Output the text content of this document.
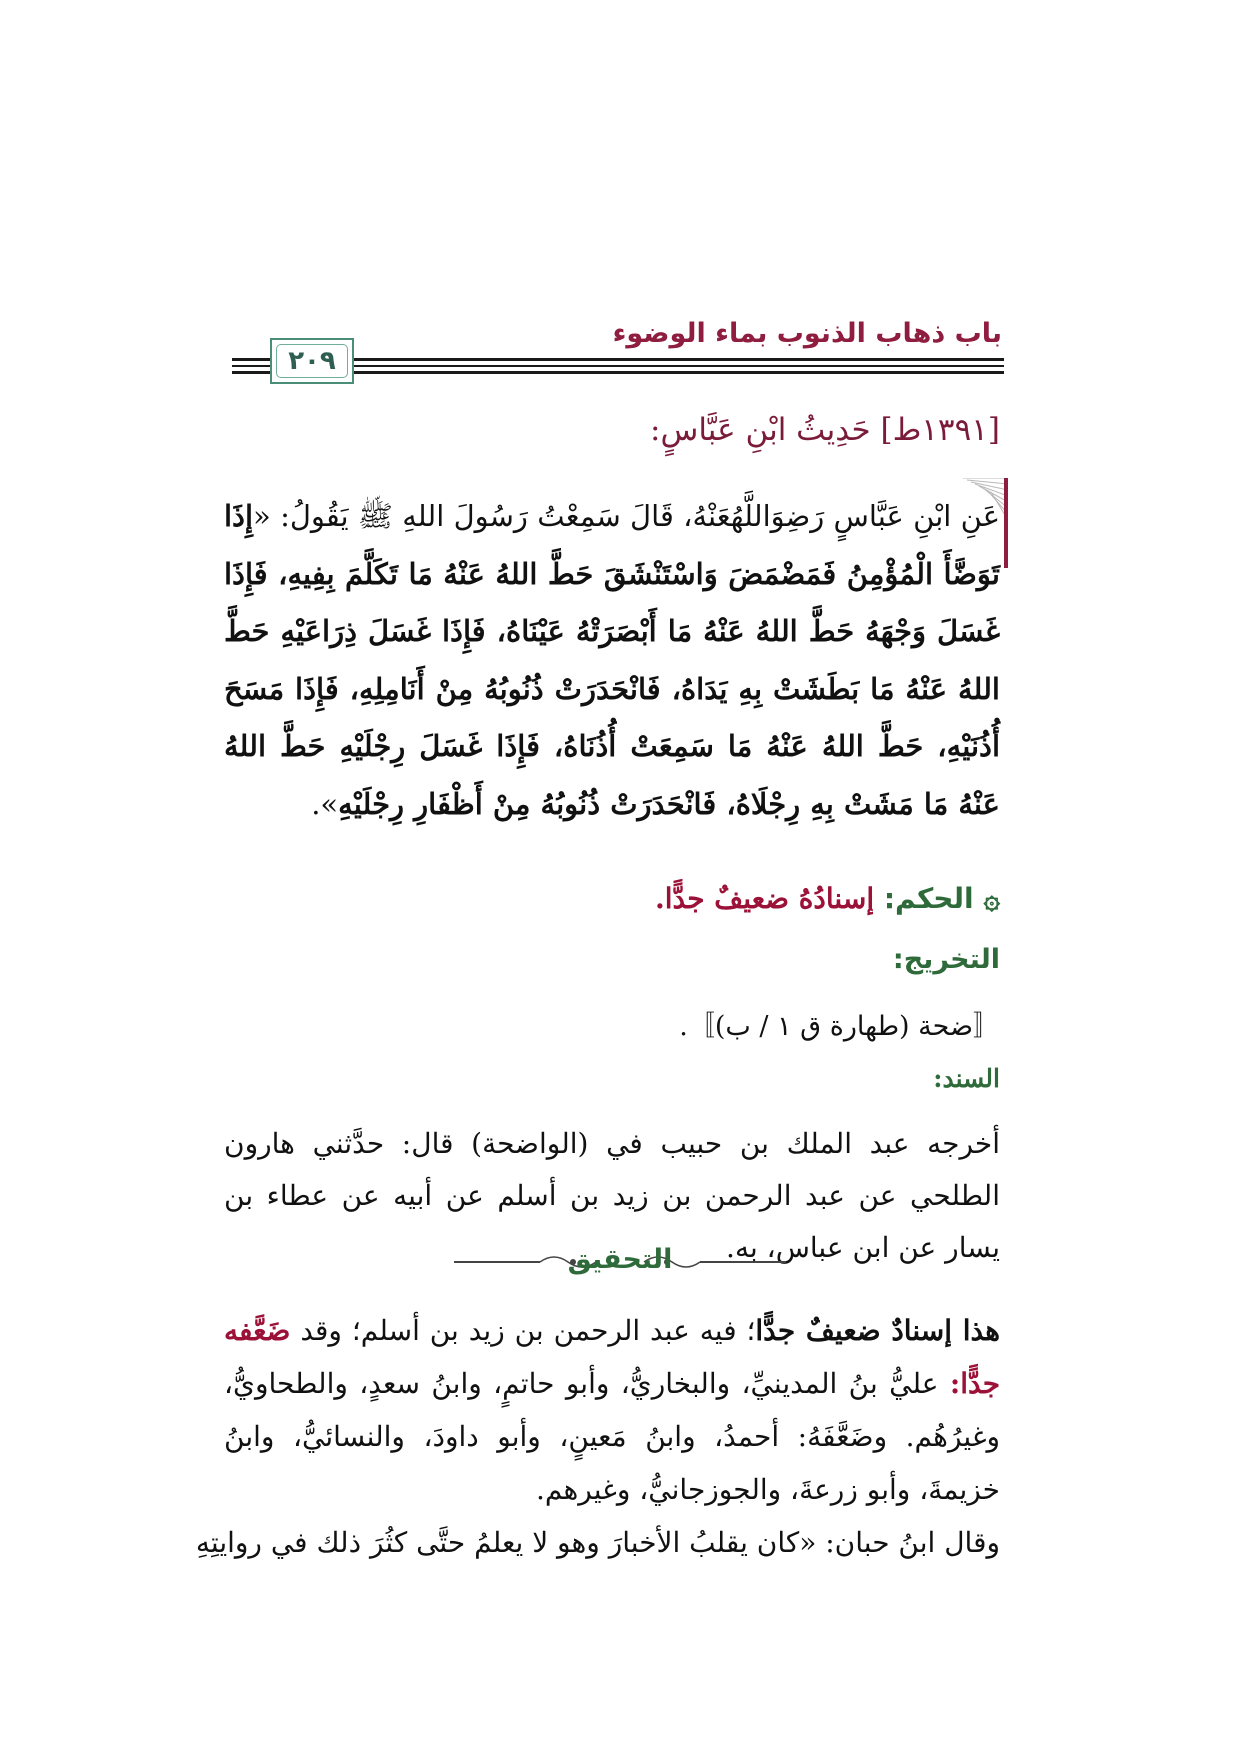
باب ذهاب الذنوب بماء الوضوء
٢٠٩
[١٣٩١ط] حَدِيثُ ابْنِ عَبَّاسٍ:
عَنِ ابْنِ عَبَّاسٍ رَضِوَاللَّهُعَنْهُ، قَالَ سَمِعْتُ رَسُولَ اللهِ ﷺ يَقُولُ: «إِذَا تَوَضَّأَ الْمُؤْمِنُ فَمَضْمَضَ وَاسْتَنْشَقَ حَطَّ اللهُ عَنْهُ مَا تَكَلَّمَ بِفِيهِ، فَإِذَا غَسَلَ وَجْهَهُ حَطَّ اللهُ عَنْهُ مَا أَبْصَرَتْهُ عَيْنَاهُ، فَإِذَا غَسَلَ ذِرَاعَيْهِ حَطَّ اللهُ عَنْهُ مَا بَطَشَتْ بِهِ يَدَاهُ، فَانْحَدَرَتْ ذُنُوبُهُ مِنْ أَنَامِلِهِ، فَإِذَا مَسَحَ أُذُنَيْهِ، حَطَّ اللهُ عَنْهُ مَا سَمِعَتْ أُذُنَاهُ، فَإِذَا غَسَلَ رِجْلَيْهِ حَطَّ اللهُ عَنْهُ مَا مَشَتْ بِهِ رِجْلَاهُ، فَانْحَدَرَتْ ذُنُوبُهُ مِنْ أَظْفَارِ رِجْلَيْهِ».
۞الحكم: إسنادُهُ ضعيفٌ جدًّا.
التخريج:
〚ضحة (طهارة ق ١ / ب)〛.
السند:
أخرجه عبد الملك بن حبيب في (الواضحة) قال: حدَّثني هارون الطلحي عن عبد الرحمن بن زيد بن أسلم عن أبيه عن عطاء بن يسار عن ابن عباس، به.
التحقيق
هذا إسنادٌ ضعيفٌ جدًّا؛ فيه عبد الرحمن بن زيد بن أسلم؛ وقد ضَعَّفه جدًّا: عليُّ بنُ المدينيِّ، والبخاريُّ، وأبو حاتمٍ، وابنُ سعدٍ، والطحاويُّ، وغيرُهُم. وضَعَّفَهُ: أحمدُ، وابنُ مَعينٍ، وأبو داودَ، والنسائيُّ، وابنُ خزيمةَ، وأبو زرعةَ، والجوزجانيُّ، وغيرهم.
وقال ابنُ حبان: «كان يقلبُ الأخبارَ وهو لا يعلمُ حتَّى كثُرَ ذلك في روايتِهِ
